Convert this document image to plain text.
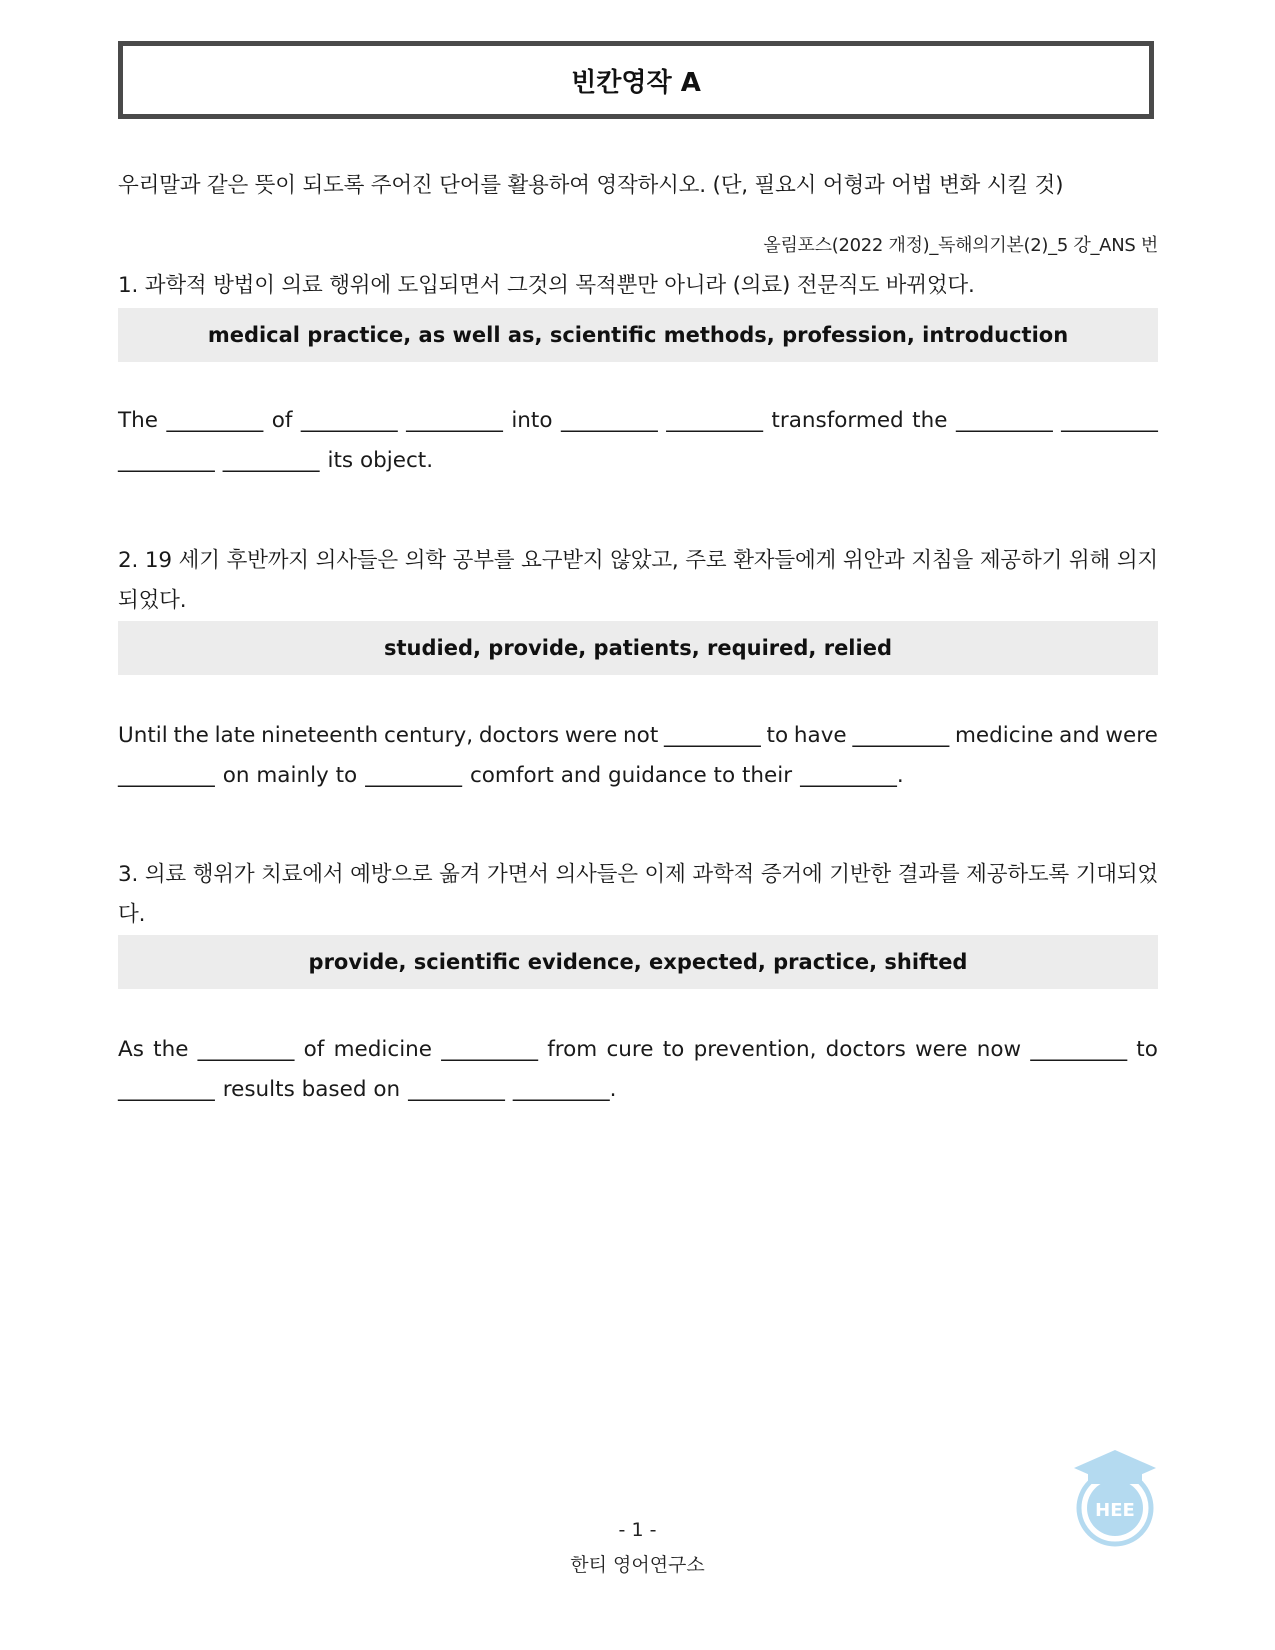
빈칸영작 A
우리말과 같은 뜻이 되도록 주어진 단어를 활용하여 영작하시오. (단, 필요시 어형과 어법 변화 시킬 것)
올림포스(2022 개정)_독해의기본(2)_5 강_ANS 번
1. 과학적 방법이 의료 행위에 도입되면서 그것의 목적뿐만 아니라 (의료) 전문직도 바뀌었다.
medical practice, as well as, scientific methods, profession, introduction
The _________ of _________ _________ into _________ _________ transformed the _________ _________
_________ _________ its object.
2. 19 세기 후반까지 의사들은 의학 공부를 요구받지 않았고, 주로 환자들에게 위안과 지침을 제공하기 위해 의지되었다.
studied, provide, patients, required, relied
Until the late nineteenth century, doctors were not _________ to have _________ medicine and were
_________ on mainly to _________ comfort and guidance to their _________.
3. 의료 행위가 치료에서 예방으로 옮겨 가면서 의사들은 이제 과학적 증거에 기반한 결과를 제공하도록 기대되었다.
provide, scientific evidence, expected, practice, shifted
As the _________ of medicine _________ from cure to prevention, doctors were now _________ to
_________ results based on _________ _________.
HEE
- 1 -
한티 영어연구소
